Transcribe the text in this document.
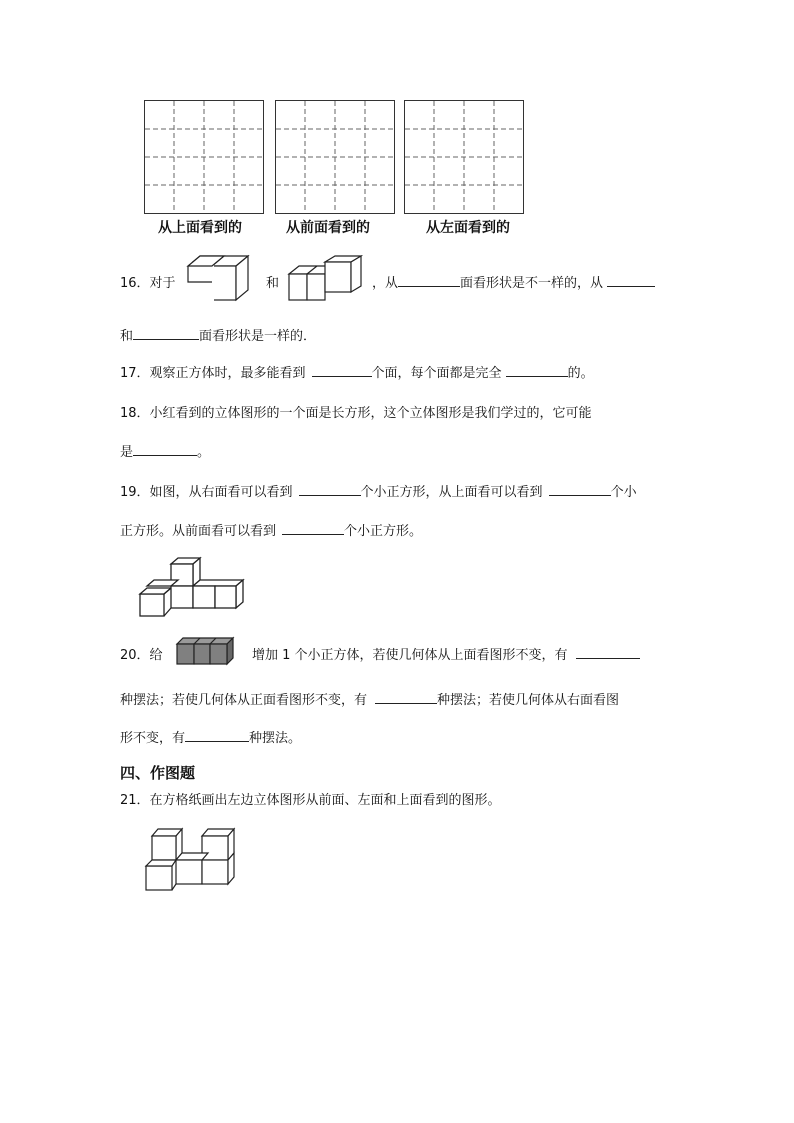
从上面看到的	从前面看到的	从左面看到的
16．对于	和	，从	面看形状是不一样的，从
和	面看形状是一样的．
17．观察正方体时，最多能看到	个面，每个面都是完全	的。
18．小红看到的立体图形的一个面是长方形，这个立体图形是我们学过的，它可能
是	。
19．如图，从右面看可以看到	个小正方形，从上面看可以看到	个小
正方形。从前面看可以看到	个小正方形。
20．给	增加 1 个小正方体，若使几何体从上面看图形不变，有
种摆法；若使几何体从正面看图形不变，有	种摆法；若使几何体从右面看图
形不变，有	种摆法。
四、作图题
21．在方格纸画出左边立体图形从前面、左面和上面看到的图形。
